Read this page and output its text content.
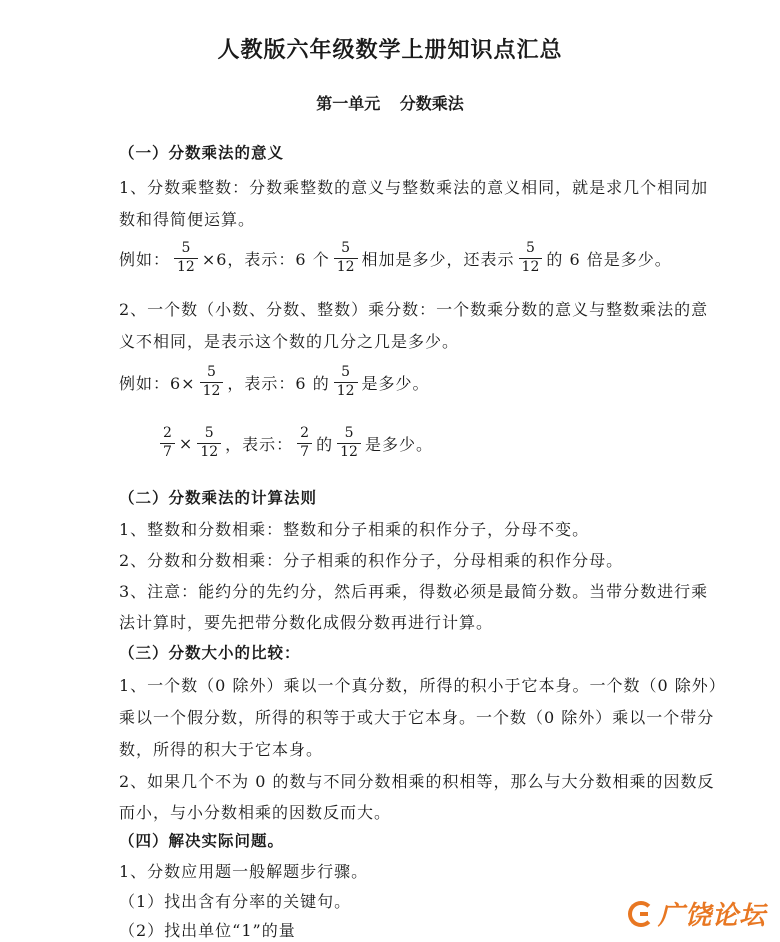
人教版六年级数学上册知识点汇总
第一单元 分数乘法
（一）分数乘法的意义
1、分数乘整数：分数乘整数的意义与整数乘法的意义相同，就是求几个相同加
数和得简便运算。
例如： $\frac{5}{12} \times 6$，表示：6 个 $\frac{5}{12}$ 相加是多少，还表示 $\frac{5}{12}$ 的 6 倍是多少。
2、一个数（小数、分数、整数）乘分数：一个数乘分数的意义与整数乘法的意
义不相同，是表示这个数的几分之几是多少。
例如：$6\times \frac{5}{12}$ ，表示：6 的 $\frac{5}{12}$ 是多少。
$\frac{2}{7} \times \frac{5}{12}$ ，表示： $\frac{2}{7}$ 的 $\frac{5}{12}$ 是多少。
（二）分数乘法的计算法则
1、整数和分数相乘：整数和分子相乘的积作分子，分母不变。
2、分数和分数相乘：分子相乘的积作分子，分母相乘的积作分母。
3、注意：能约分的先约分，然后再乘，得数必须是最简分数。当带分数进行乘
法计算时，要先把带分数化成假分数再进行计算。
（三）分数大小的比较：
1、一个数（0 除外）乘以一个真分数，所得的积小于它本身。一个数（0 除外）
乘以一个假分数，所得的积等于或大于它本身。一个数（0 除外）乘以一个带分
数，所得的积大于它本身。
2、如果几个不为 0 的数与不同分数相乘的积相等，那么与大分数相乘的因数反
而小，与小分数相乘的因数反而大。
（四）解决实际问题。
1、分数应用题一般解题步行骤。
（1）找出含有分率的关键句。
（2）找出单位“1”的量	广饶论坛
